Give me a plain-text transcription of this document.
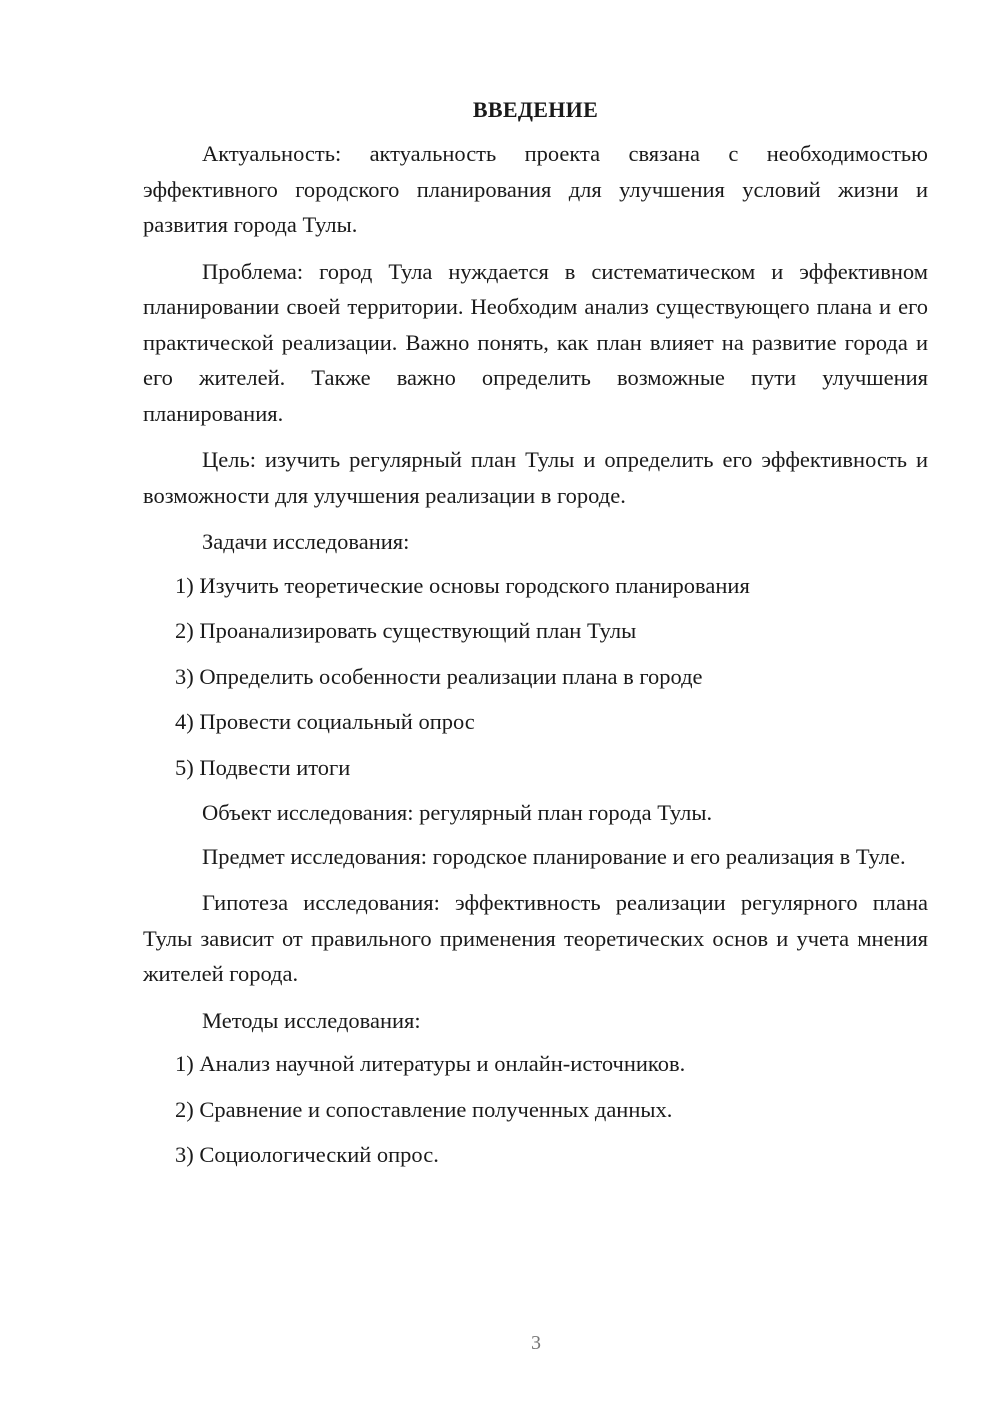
ВВЕДЕНИЕ

Актуальность: актуальность проекта связана с необходимостью эффективного городского планирования для улучшения условий жизни и развития города Тулы.

Проблема: город Тула нуждается в систематическом и эффективном планировании своей территории. Необходим анализ существующего плана и его практической реализации. Важно понять, как план влияет на развитие города и его жителей. Также важно определить возможные пути улучшения планирования.

Цель: изучить регулярный план Тулы и определить его эффективность и возможности для улучшения реализации в городе.

Задачи исследования:

1) Изучить теоретические основы городского планирования
2) Проанализировать существующий план Тулы
3) Определить особенности реализации плана в городе
4) Провести социальный опрос
5) Подвести итоги

Объект исследования: регулярный план города Тулы.

Предмет исследования: городское планирование и его реализация в Туле.

Гипотеза исследования: эффективность реализации регулярного плана Тулы зависит от правильного применения теоретических основ и учета мнения жителей города.

Методы исследования:

1) Анализ научной литературы и онлайн-источников.
2) Сравнение и сопоставление полученных данных.
3) Социологический опрос.
3
